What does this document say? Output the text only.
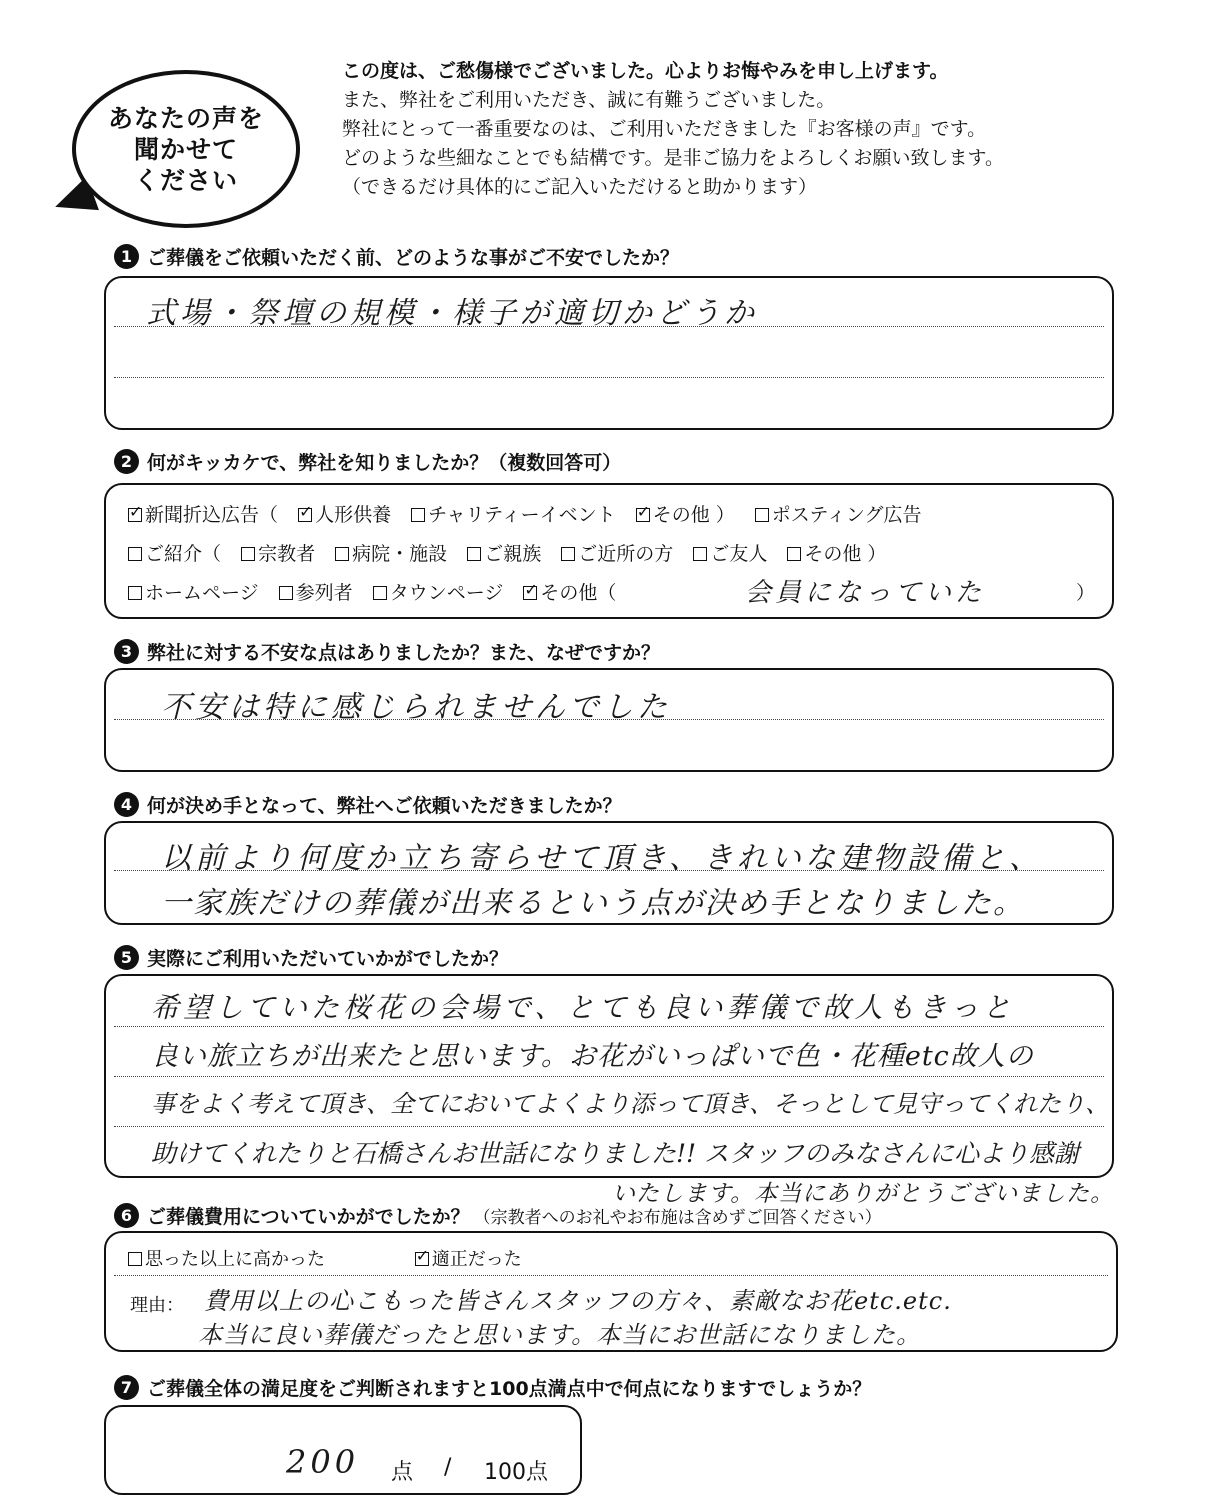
あなたの声を
聞かせて
ください
この度は、ご愁傷様でございました。心よりお悔やみを申し上げます。
また、弊社をご利用いただき、誠に有難うございました。
弊社にとって一番重要なのは、ご利用いただきました『お客様の声』です。
どのような些細なことでも結構です。是非ご協力をよろしくお願い致します。
（できるだけ具体的にご記入いただけると助かります）
1 ご葬儀をご依頼いただく前、どのような事がご不安でしたか？
式場・祭壇の規模・様子が適切かどうか
2 何がキッカケで、弊社を知りましたか？（複数回答可）
✓新聞折込広告（ ✓ 人形供養 チャリティーイベント ✓ その他 ） ポスティング広告
ご紹介（ 宗教者 病院・施設 ご親族 ご近所の方 ご友人 その他 ）
ホームページ 参列者 タウンページ ✓ その他（	会員になっていた	）
3 弊社に対する不安な点はありましたか？また、なぜですか？
不安は特に感じられませんでした
4 何が決め手となって、弊社へご依頼いただきましたか？
以前より何度か立ち寄らせて頂き、きれいな建物設備と、
一家族だけの葬儀が出来るという点が決め手となりました。
5 実際にご利用いただいていかがでしたか？
希望していた桜花の会場で、とても良い葬儀で故人もきっと
良い旅立ちが出来たと思います。お花がいっぱいで色・花種etc故人の
事をよく考えて頂き、全てにおいてよくより添って頂き、そっとして見守ってくれたり、
助けてくれたりと石橋さんお世話になりました!! スタッフのみなさんに心より感謝
いたします。本当にありがとうございました。
6 ご葬儀費用についていかがでしたか？ （宗教者へのお礼やお布施は含めずご回答ください）
思った以上に高かった ✓	適正だった
理由： 費用以上の心こもった皆さんスタッフの方々、素敵なお花etc.etc.
本当に良い葬儀だったと思います。本当にお世話になりました。
7 ご葬儀全体の満足度をご判断されますと100点満点中で何点になりますでしょうか？
200 点 / 100点
